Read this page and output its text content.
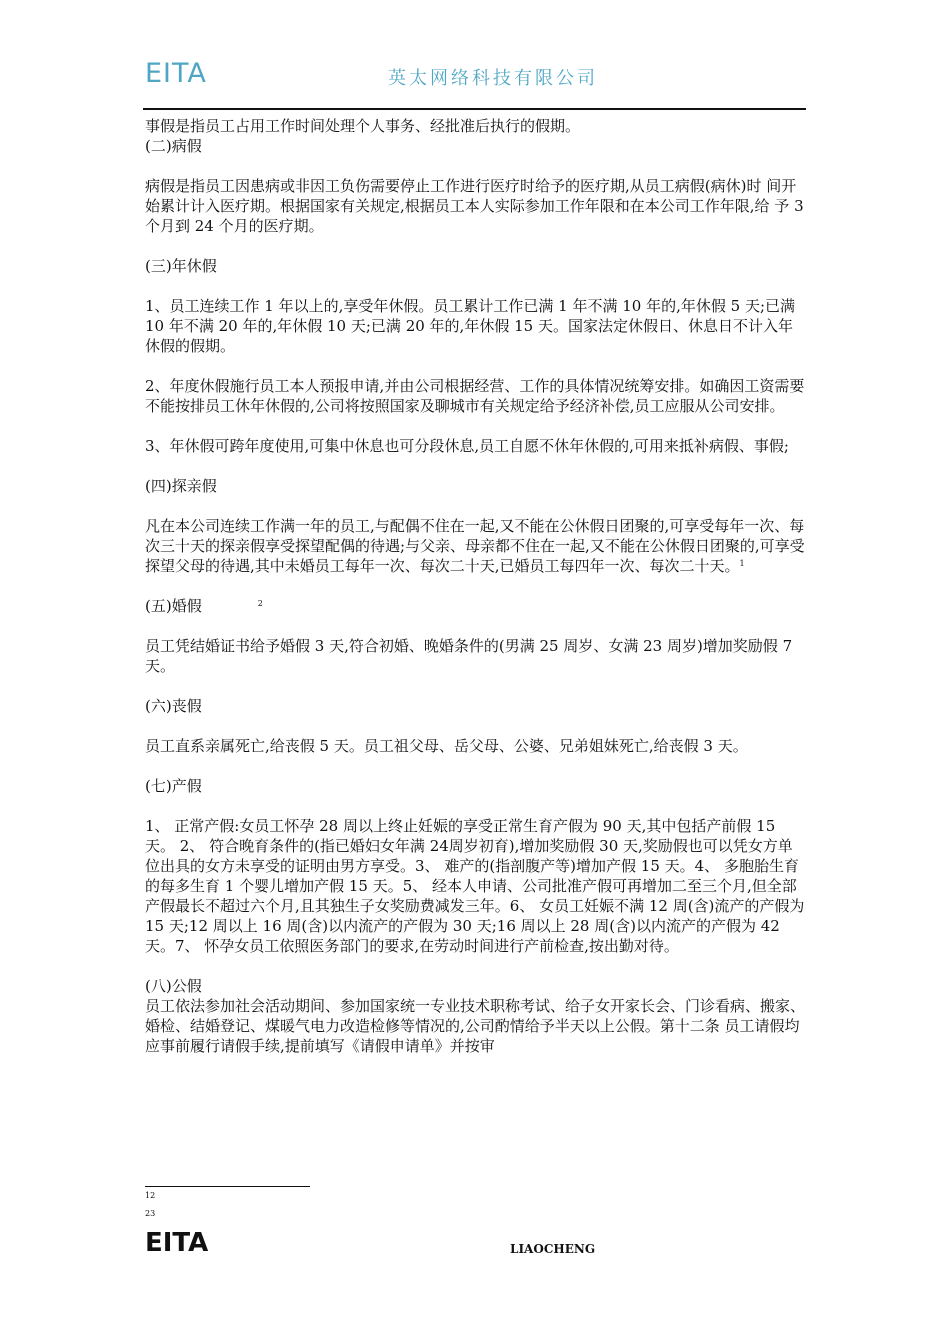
EITA	英太网络科技有限公司

事假是指员工占用工作时间处理个人事务、经批准后执行的假期。

(二)病假

病假是指员工因患病或非因工负伤需要停止工作进行医疗时给予的医疗期,从员工病假(病休)时 间开始累计计入医疗期。根据国家有关规定,根据员工本人实际参加工作年限和在本公司工作年限,给 予 3 个月到 24 个月的医疗期。

(三)年休假

1、员工连续工作 1 年以上的,享受年休假。员工累计工作已满 1 年不满 10 年的,年休假 5 天;已满 10 年不满 20 年的,年休假 10 天;已满 20 年的,年休假 15 天。国家法定休假日、休息日不计入年休假的假期。

2、年度休假施行员工本人预报申请,并由公司根据经营、工作的具体情况统筹安排。如确因工资需要不能按排员工休年休假的,公司将按照国家及聊城市有关规定给予经济补偿,员工应服从公司安排。

3、年休假可跨年度使用,可集中休息也可分段休息,员工自愿不休年休假的,可用来抵补病假、事假;

(四)探亲假

凡在本公司连续工作满一年的员工,与配偶不住在一起,又不能在公休假日团聚的,可享受每年一次、每次三十天的探亲假享受探望配偶的待遇;与父亲、母亲都不住在一起,又不能在公休假日团聚的,可享受探望父母的待遇,其中未婚员工每年一次、每次二十天,已婚员工每四年一次、每次二十天。$^1$

(五)婚假	$^2$

员工凭结婚证书给予婚假 3 天,符合初婚、晚婚条件的(男满 25 周岁、女满 23 周岁)增加奖励假 7 天。

(六)丧假

员工直系亲属死亡,给丧假 5 天。员工祖父母、岳父母、公婆、兄弟姐妹死亡,给丧假 3 天。

(七)产假

1、 正常产假:女员工怀孕 28 周以上终止妊娠的享受正常生育产假为 90 天,其中包括产前假 15 天。 2、 符合晚育条件的(指已婚妇女年满 24周岁初育),增加奖励假 30 天,奖励假也可以凭女方单位出具的女方未享受的证明由男方享受。3、 难产的(指剖腹产等)增加产假 15 天。4、 多胞胎生育的每多生育 1 个婴儿增加产假 15 天。5、 经本人申请、公司批准产假可再增加二至三个月,但全部产假最长不超过六个月,且其独生子女奖励费减发三年。6、 女员工妊娠不满 12 周(含)流产的产假为 15 天;12 周以上 16 周(含)以内流产的产假为 30 天;16 周以上 28 周(含)以内流产的产假为 42 天。7、 怀孕女员工依照医务部门的要求,在劳动时间进行产前检查,按出勤对待。

(八)公假

员工依法参加社会活动期间、参加国家统一专业技术职称考试、给子女开家长会、门诊看病、搬家、婚检、结婚登记、煤暖气电力改造检修等情况的,公司酌情给予半天以上公假。第十二条 员工请假均应事前履行请假手续,提前填写《请假申请单》并按审

12
23
EITA	LIAOCHENG
